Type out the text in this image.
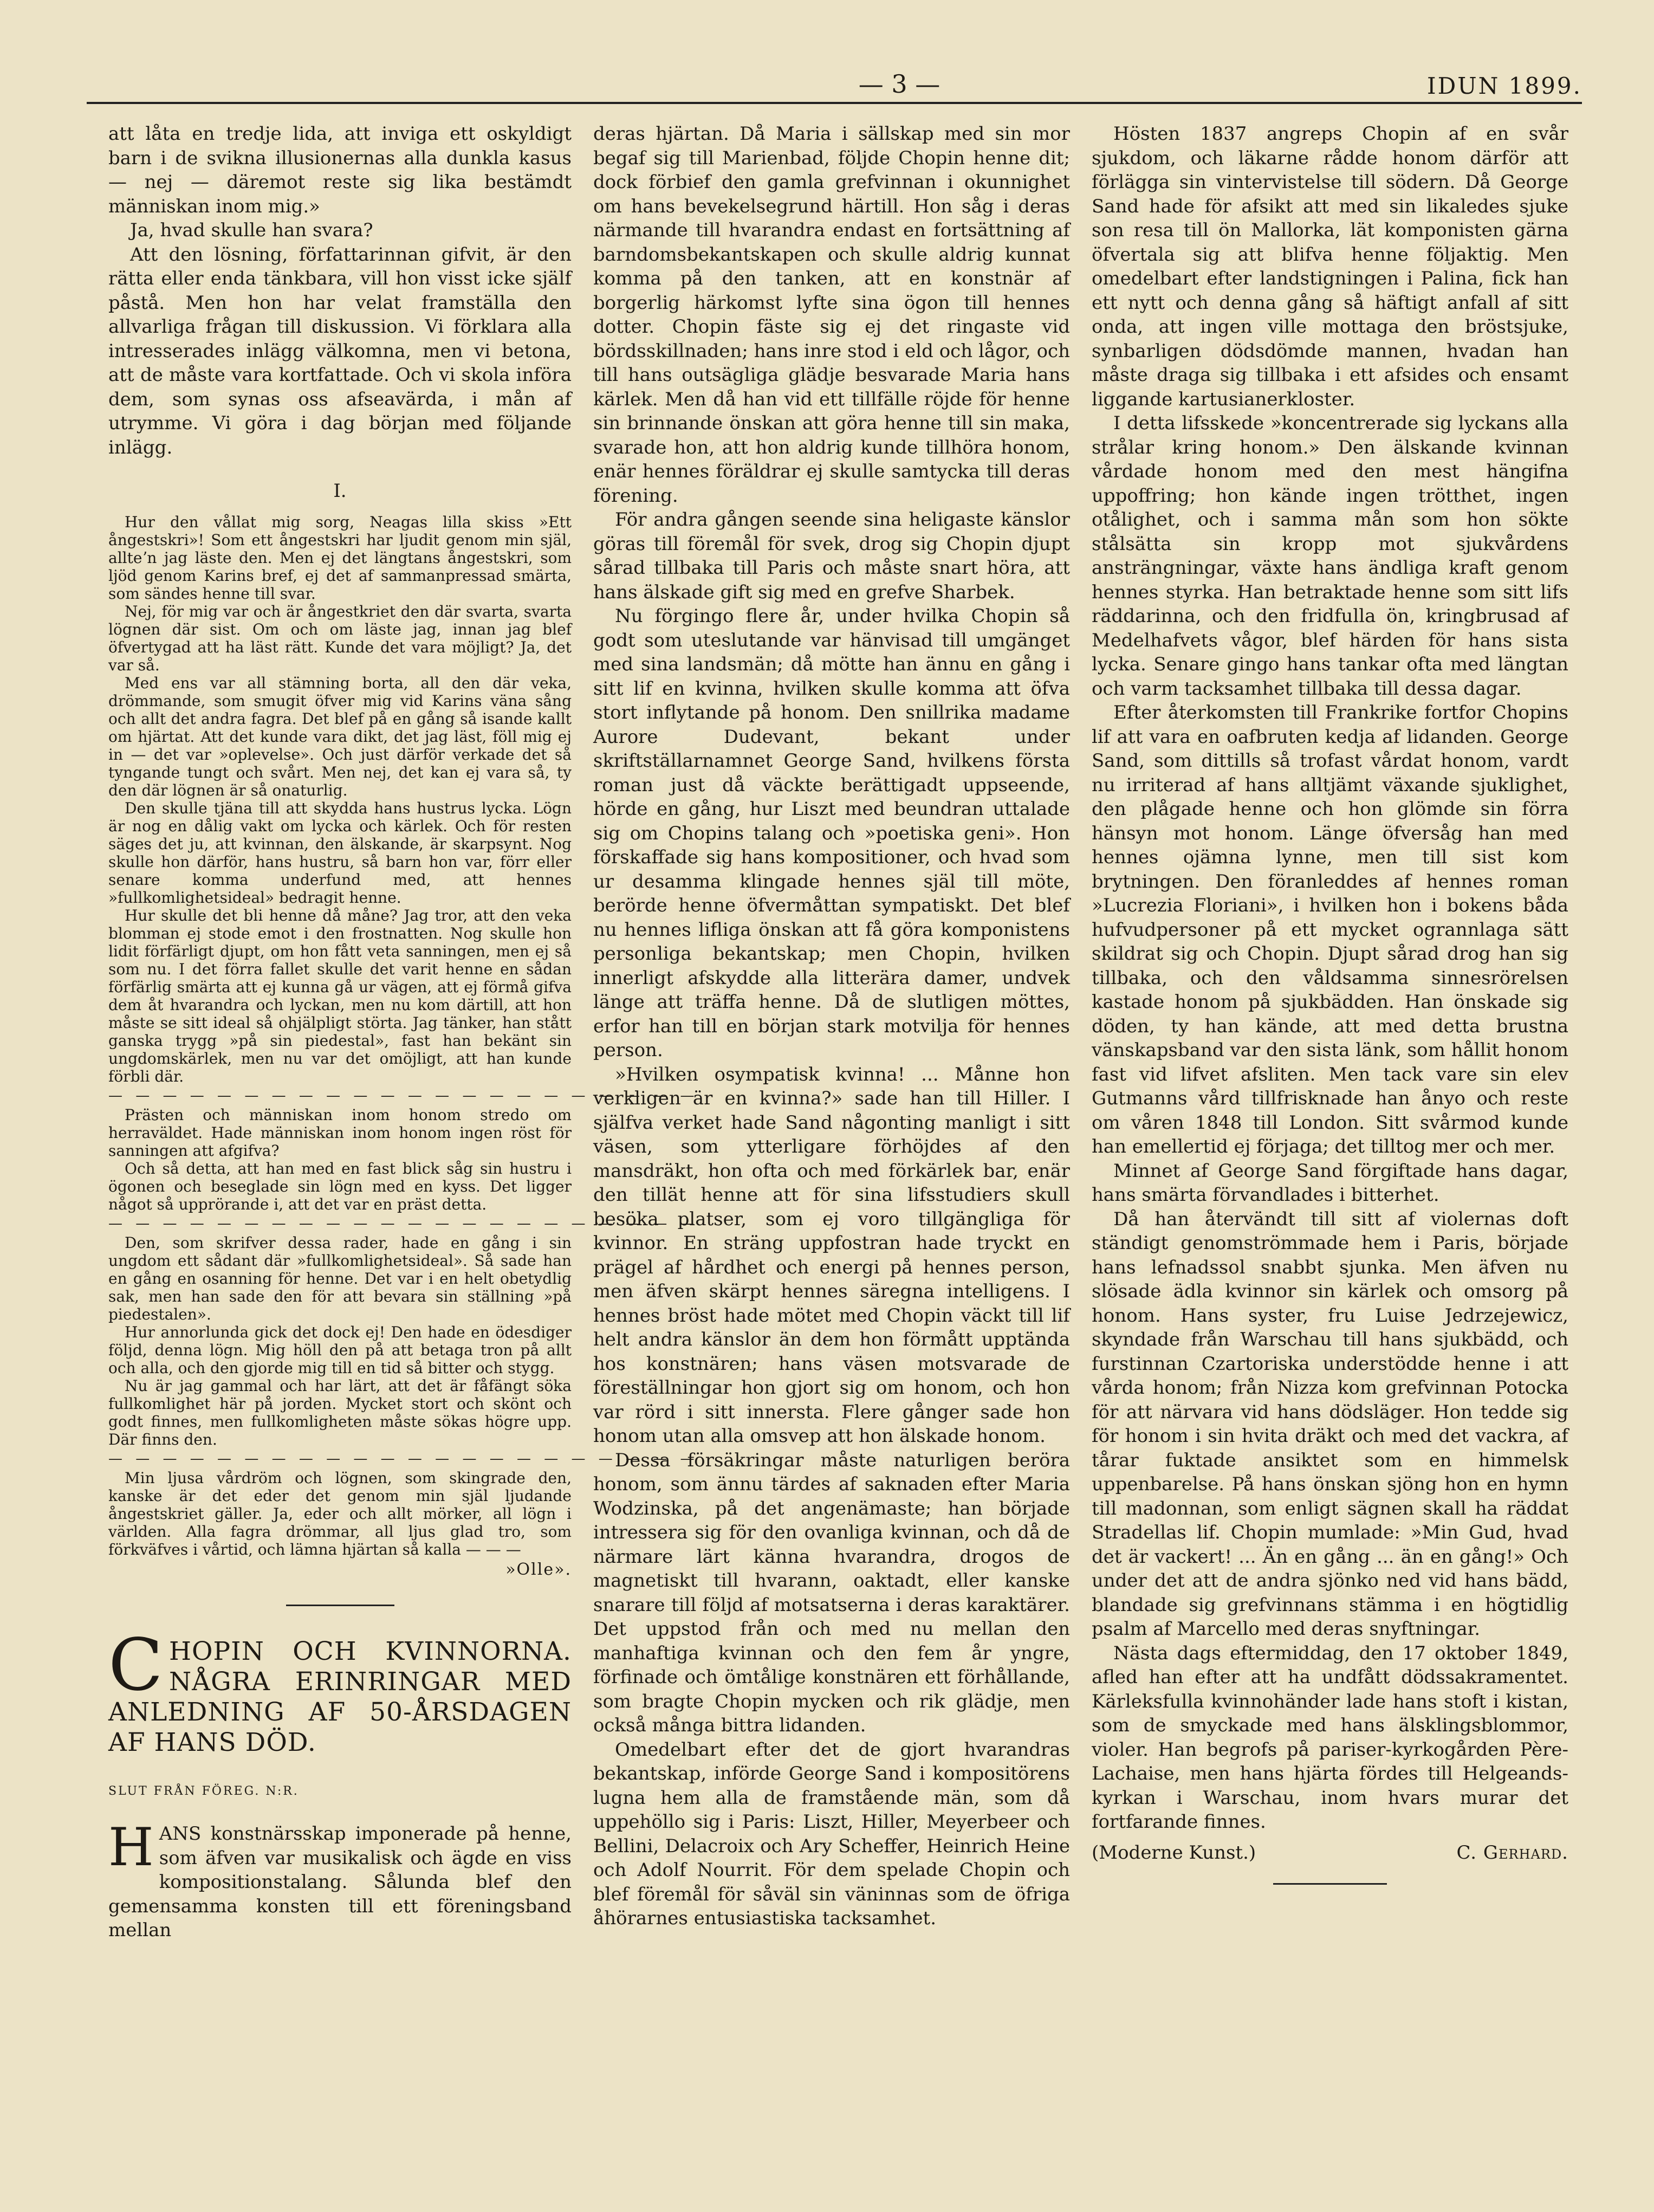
— 3 —	IDUN 1899.

att låta en tredje lida, att inviga ett oskyldigt barn i de svikna illusionernas alla dunkla kasus — nej — däremot reste sig lika bestämdt människan inom mig.»

Ja, hvad skulle han svara?

Att den lösning, författarinnan gifvit, är den rätta eller enda tänkbara, vill hon visst icke själf påstå. Men hon har velat framställa den allvarliga frågan till diskussion. Vi förklara alla intresserades inlägg välkomna, men vi betona, att de måste vara kortfattade. Och vi skola införa dem, som synas oss afseavärda, i mån af utrymme. Vi göra i dag början med följande inlägg.

I.

Hur den vållat mig sorg, Neagas lilla skiss »Ett ångestskri»! Som ett ångestskri har ljudit genom min själ, allteʼn jag läste den. Men ej det längtans ångestskri, som ljöd genom Karins bref, ej det af sammanpressad smärta, som sändes henne till svar.

Nej, för mig var och är ångestkriet den där svarta, svarta lögnen där sist. Om och om läste jag, innan jag blef öfvertygad att ha läst rätt. Kunde det vara möjligt? Ja, det var så.

Med ens var all stämning borta, all den där veka, drömmande, som smugit öfver mig vid Karins väna sång och allt det andra fagra. Det blef på en gång så isande kallt om hjärtat. Att det kunde vara dikt, det jag läst, föll mig ej in — det var »oplevelse». Och just därför verkade det så tyngande tungt och svårt. Men nej, det kan ej vara så, ty den där lögnen är så onaturlig.

Den skulle tjäna till att skydda hans hustrus lycka. Lögn är nog en dålig vakt om lycka och kärlek. Och för resten säges det ju, att kvinnan, den älskande, är skarpsynt. Nog skulle hon därför, hans hustru, så barn hon var, förr eller senare komma underfund med, att hennes »fullkomlighetsideal» bedragit henne.

Hur skulle det bli henne då måne? Jag tror, att den veka blomman ej stode emot i den frostnatten. Nog skulle hon lidit förfärligt djupt, om hon fått veta sanningen, men ej så som nu. I det förra fallet skulle det varit henne en sådan förfärlig smärta att ej kunna gå ur vägen, att ej förmå gifva dem åt hvarandra och lyckan, men nu kom därtill, att hon måste se sitt ideal så ohjälpligt störta. Jag tänker, han stått ganska trygg »på sin piedestal», fast han bekänt sin ungdomskärlek, men nu var det omöjligt, att han kunde förbli där.

— — — — — — — — — — — — — — — — — — — — — —

Prästen och människan inom honom stredo om herraväldet. Hade människan inom honom ingen röst för sanningen att afgifva?

Och så detta, att han med en fast blick såg sin hustru i ögonen och beseglade sin lögn med en kyss. Det ligger något så upprörande i, att det var en präst detta.

— — — — — — — — — — — — — — — — — — — — — —

Den, som skrifver dessa rader, hade en gång i sin ungdom ett sådant där »fullkomlighetsideal». Så sade han en gång en osanning för henne. Det var i en helt obetydlig sak, men han sade den för att bevara sin ställning »på piedestalen».

Hur annorlunda gick det dock ej! Den hade en ödesdiger följd, denna lögn. Mig höll den på att betaga tron på allt och alla, och den gjorde mig till en tid så bitter och stygg.

Nu är jag gammal och har lärt, att det är fåfängt söka fullkomlighet här på jorden. Mycket stort och skönt och godt finnes, men fullkomligheten måste sökas högre upp. Där finns den.

— — — — — — — — — — — — — — — — — — — — — —

Min ljusa vårdröm och lögnen, som skingrade den, kanske är det eder det genom min själ ljudande ångestskriet gäller. Ja, eder och allt mörker, all lögn i världen. Alla fagra drömmar, all ljus glad tro, som förkväfves i vårtid, och lämna hjärtan så kalla — — —

»Olle».

CHOPIN OCH KVINNORNA. NÅGRA ERINRINGAR MED ANLEDNING AF 50-ÅRSDAGEN AF HANS DÖD.

SLUT FRÅN FÖREG. N:R.

HANS konstnärsskap imponerade på henne, som äfven var musikalisk och ägde en viss kompositionstalang. Sålunda blef den gemensamma konsten till ett föreningsband mellan

deras hjärtan. Då Maria i sällskap med sin mor begaf sig till Marienbad, följde Chopin henne dit; dock förbief den gamla grefvinnan i okunnighet om hans bevekelsegrund härtill. Hon såg i deras närmande till hvarandra endast en fortsättning af barndomsbekantskapen och skulle aldrig kunnat komma på den tanken, att en konstnär af borgerlig härkomst lyfte sina ögon till hennes dotter. Chopin fäste sig ej det ringaste vid bördsskillnaden; hans inre stod i eld och lågor, och till hans outsägliga glädje besvarade Maria hans kärlek. Men då han vid ett tillfälle röjde för henne sin brinnande önskan att göra henne till sin maka, svarade hon, att hon aldrig kunde tillhöra honom, enär hennes föräldrar ej skulle samtycka till deras förening.

För andra gången seende sina heligaste känslor göras till föremål för svek, drog sig Chopin djupt sårad tillbaka till Paris och måste snart höra, att hans älskade gift sig med en grefve Sharbek.

Nu förgingo flere år, under hvilka Chopin så godt som uteslutande var hänvisad till umgänget med sina landsmän; då mötte han ännu en gång i sitt lif en kvinna, hvilken skulle komma att öfva stort inflytande på honom. Den snillrika madame Aurore Dudevant, bekant under skriftställarnamnet George Sand, hvilkens första roman just då väckte berättigadt uppseende, hörde en gång, hur Liszt med beundran uttalade sig om Chopins talang och »poetiska geni». Hon förskaffade sig hans kompositioner, och hvad som ur desamma klingade hennes själ till möte, berörde henne öfvermåttan sympatiskt. Det blef nu hennes lifliga önskan att få göra komponistens personliga bekantskap; men Chopin, hvilken innerligt afskydde alla litterära damer, undvek länge att träffa henne. Då de slutligen möttes, erfor han till en början stark motvilja för hennes person.

»Hvilken osympatisk kvinna! ... Månne hon verkligen är en kvinna?» sade han till Hiller. I själfva verket hade Sand någonting manligt i sitt väsen, som ytterligare förhöjdes af den mansdräkt, hon ofta och med förkärlek bar, enär den tillät henne att för sina lifsstudiers skull besöka platser, som ej voro tillgängliga för kvinnor. En sträng uppfostran hade tryckt en prägel af hårdhet och energi på hennes person, men äfven skärpt hennes säregna intelligens. I hennes bröst hade mötet med Chopin väckt till lif helt andra känslor än dem hon förmått upptända hos konstnären; hans väsen motsvarade de föreställningar hon gjort sig om honom, och hon var rörd i sitt innersta. Flere gånger sade hon honom utan alla omsvep att hon älskade honom.

Dessa försäkringar måste naturligen beröra honom, som ännu tärdes af saknaden efter Maria Wodzinska, på det angenämaste; han började intressera sig för den ovanliga kvinnan, och då de närmare lärt känna hvarandra, drogos de magnetiskt till hvarann, oaktadt, eller kanske snarare till följd af motsatserna i deras karaktärer. Det uppstod från och med nu mellan den manhaftiga kvinnan och den fem år yngre, förfinade och ömtålige konstnären ett förhållande, som bragte Chopin mycken och rik glädje, men också många bittra lidanden.

Omedelbart efter det de gjort hvarandras bekantskap, införde George Sand i kompositörens lugna hem alla de framstående män, som då uppehöllo sig i Paris: Liszt, Hiller, Meyerbeer och Bellini, Delacroix och Ary Scheffer, Heinrich Heine och Adolf Nourrit. För dem spelade Chopin och blef föremål för såväl sin väninnas som de öfriga åhörarnes entusiastiska tacksamhet.

Hösten 1837 angreps Chopin af en svår sjukdom, och läkarne rådde honom därför att förlägga sin vintervistelse till södern. Då George Sand hade för afsikt att med sin likaledes sjuke son resa till ön Mallorka, lät komponisten gärna öfvertala sig att blifva henne följaktig. Men omedelbart efter landstigningen i Palina, fick han ett nytt och denna gång så häftigt anfall af sitt onda, att ingen ville mottaga den bröstsjuke, synbarligen dödsdömde mannen, hvadan han måste draga sig tillbaka i ett afsides och ensamt liggande kartusianerkloster.

I detta lifsskede »koncentrerade sig lyckans alla strålar kring honom.» Den älskande kvinnan vårdade honom med den mest hängifna uppoffring; hon kände ingen trötthet, ingen otålighet, och i samma mån som hon sökte stålsätta sin kropp mot sjukvårdens ansträngningar, växte hans ändliga kraft genom hennes styrka. Han betraktade henne som sitt lifs räddarinna, och den fridfulla ön, kringbrusad af Medelhafvets vågor, blef härden för hans sista lycka. Senare gingo hans tankar ofta med längtan och varm tacksamhet tillbaka till dessa dagar.

Efter återkomsten till Frankrike fortfor Chopins lif att vara en oafbruten kedja af lidanden. George Sand, som dittills så trofast vårdat honom, vardt nu irriterad af hans alltjämt växande sjuklighet, den plågade henne och hon glömde sin förra hänsyn mot honom. Länge öfversåg han med hennes ojämna lynne, men till sist kom brytningen. Den föranleddes af hennes roman »Lucrezia Floriani», i hvilken hon i bokens båda hufvudpersoner på ett mycket ogrannlaga sätt skildrat sig och Chopin. Djupt sårad drog han sig tillbaka, och den våldsamma sinnesrörelsen kastade honom på sjukbädden. Han önskade sig döden, ty han kände, att med detta brustna vänskapsband var den sista länk, som hållit honom fast vid lifvet afsliten. Men tack vare sin elev Gutmanns vård tillfrisknade han ånyo och reste om våren 1848 till London. Sitt svårmod kunde han emellertid ej förjaga; det tilltog mer och mer.

Minnet af George Sand förgiftade hans dagar, hans smärta förvandlades i bitterhet.

Då han återvändt till sitt af violernas doft ständigt genomströmmade hem i Paris, började hans lefnadssol snabbt sjunka. Men äfven nu slösade ädla kvinnor sin kärlek och omsorg på honom. Hans syster, fru Luise Jedrzejewicz, skyndade från Warschau till hans sjukbädd, och furstinnan Czartoriska understödde henne i att vårda honom; från Nizza kom grefvinnan Potocka för att närvara vid hans dödsläger. Hon tedde sig för honom i sin hvita dräkt och med det vackra, af tårar fuktade ansiktet som en himmelsk uppenbarelse. På hans önskan sjöng hon en hymn till madonnan, som enligt sägnen skall ha räddat Stradellas lif. Chopin mumlade: »Min Gud, hvad det är vackert! ... Än en gång ... än en gång!» Och under det att de andra sjönko ned vid hans bädd, blandade sig grefvinnans stämma i en högtidlig psalm af Marcello med deras snyftningar.

Nästa dags eftermiddag, den 17 oktober 1849, afled han efter att ha undfått dödssakramentet. Kärleksfulla kvinnohänder lade hans stoft i kistan, som de smyckade med hans älsklingsblommor, violer. Han begrofs på pariser-kyrkogården Père-Lachaise, men hans hjärta fördes till Helgeands-kyrkan i Warschau, inom hvars murar det fortfarande finnes.

(Moderne Kunst.)	C. Gerhard.
